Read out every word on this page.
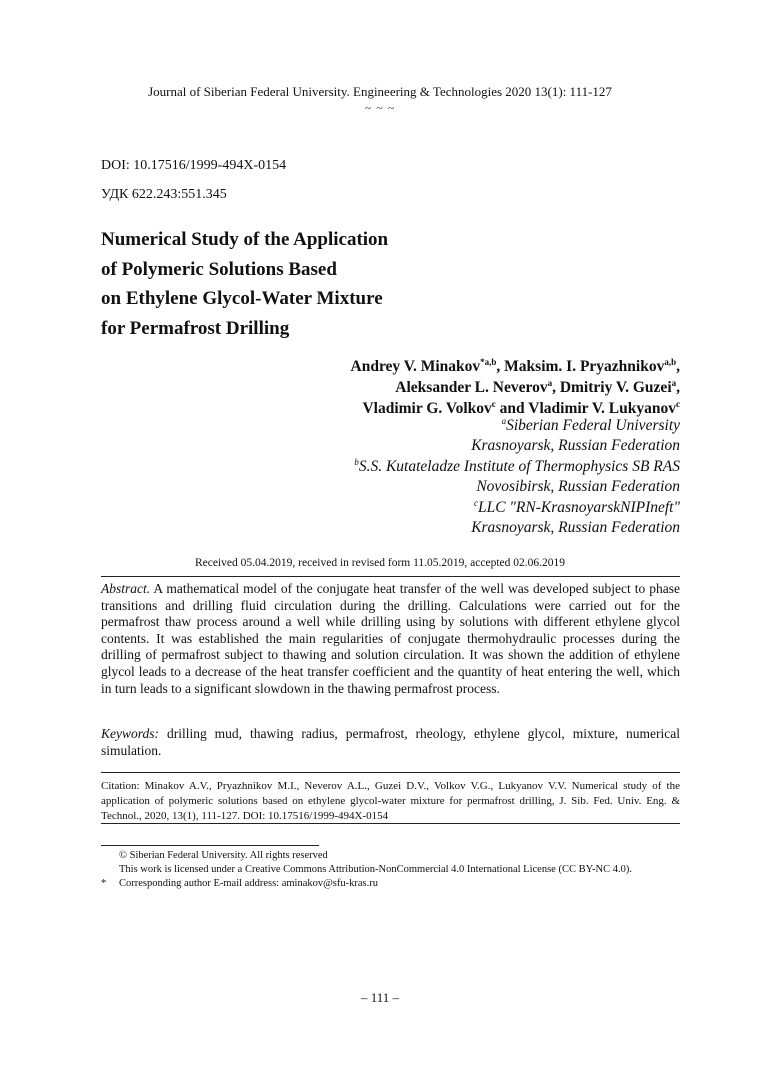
Journal of Siberian Federal University. Engineering & Technologies 2020 13(1): 111-127
~ ~ ~
DOI: 10.17516/1999-494X-0154
УДК 622.243:551.345
Numerical Study of the Application
of Polymeric Solutions Based
on Ethylene Glycol-Water Mixture
for Permafrost Drilling
Andrey V. Minakov$^{*a,b}$, Maksim. I. Pryazhnikov$^{a,b}$,
Aleksander L. Neverov$^a$, Dmitriy V. Guzei$^a$,
Vladimir G. Volkov$^c$ and Vladimir V. Lukyanov$^c$
$^a$Siberian Federal University
Krasnoyarsk, Russian Federation
$^b$S.S. Kutateladze Institute of Thermophysics SB RAS
Novosibirsk, Russian Federation
$^c$LLC "RN-KrasnoyarskNIPIneft"
Krasnoyarsk, Russian Federation
Received 05.04.2019, received in revised form 11.05.2019, accepted 02.06.2019
Abstract. A mathematical model of the conjugate heat transfer of the well was developed subject to phase transitions and drilling fluid circulation during the drilling. Calculations were carried out for the permafrost thaw process around a well while drilling using by solutions with different ethylene glycol contents. It was established the main regularities of conjugate thermohydraulic processes during the drilling of permafrost subject to thawing and solution circulation. It was shown the addition of ethylene glycol leads to a decrease of the heat transfer coefficient and the quantity of heat entering the well, which in turn leads to a significant slowdown in the thawing permafrost process.
Keywords: drilling mud, thawing radius, permafrost, rheology, ethylene glycol, mixture, numerical simulation.
Citation: Minakov A.V., Pryazhnikov M.I., Neverov A.L., Guzei D.V., Volkov V.G., Lukyanov V.V. Numerical study of the application of polymeric solutions based on ethylene glycol-water mixture for permafrost drilling, J. Sib. Fed. Univ. Eng. & Technol., 2020, 13(1), 111-127. DOI: 10.17516/1999-494X-0154
© Siberian Federal University. All rights reserved
This work is licensed under a Creative Commons Attribution-NonCommercial 4.0 International License (CC BY-NC 4.0).
* Corresponding author E-mail address: aminakov@sfu-kras.ru
– 111 –
